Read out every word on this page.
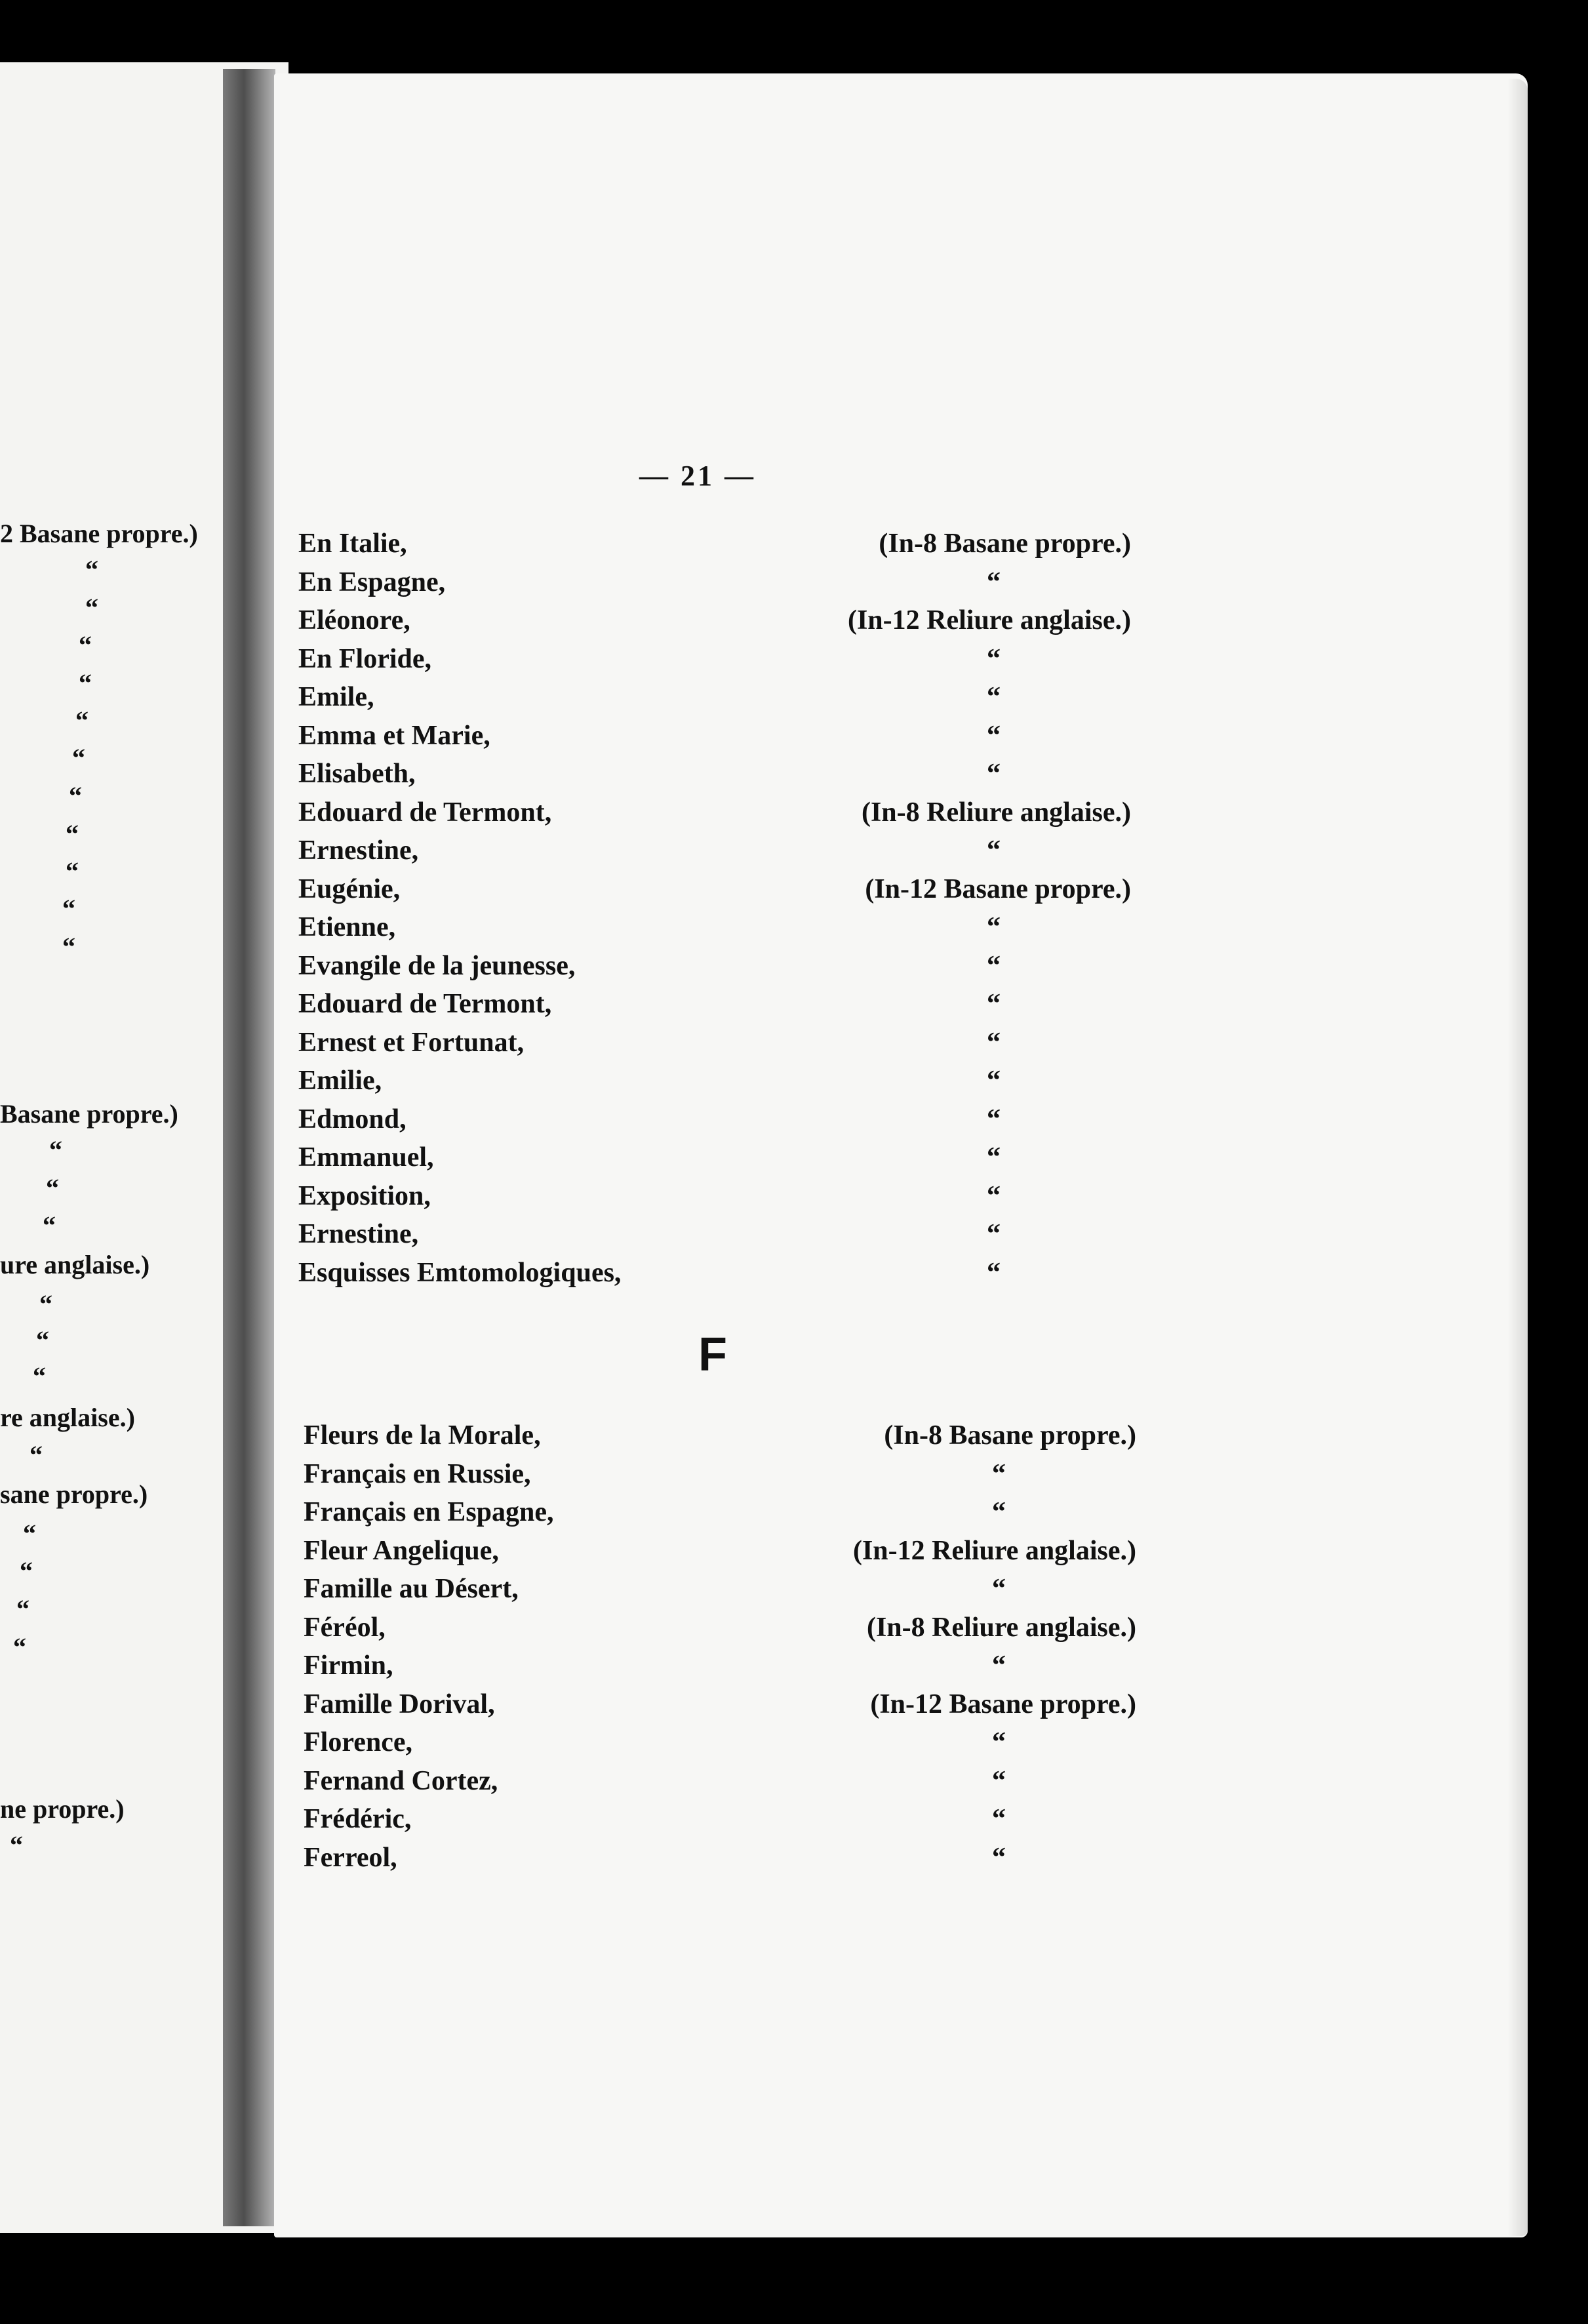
2 Basane propre.)
“
“
“
“
“
“
“
“
“
“
“
Basane propre.)
“
“
“
ure anglaise.)
“
“
“
re anglaise.)
“
sane propre.)
“
“
“
“
ne propre.)
“
— 21 —
En Italie,	(In-8 Basane propre.)
En Espagne,	“
Eléonore,	(In-12 Reliure anglaise.)
En Floride,	“
Emile,	“
Emma et Marie,	“
Elisabeth,	“
Edouard de Termont,	(In-8 Reliure anglaise.)
Ernestine,	“
Eugénie,	(In-12 Basane propre.)
Etienne,	“
Evangile de la jeunesse,	“
Edouard de Termont,	“
Ernest et Fortunat,	“
Emilie,	“
Edmond,	“
Emmanuel,	“
Exposition,	“
Ernestine,	“
Esquisses Emtomologiques,	“
F
Fleurs de la Morale,	(In-8 Basane propre.)
Français en Russie,	“
Français en Espagne,	“
Fleur Angelique,	(In-12 Reliure anglaise.)
Famille au Désert,	“
Féréol,	(In-8 Reliure anglaise.)
Firmin,	“
Famille Dorival,	(In-12 Basane propre.)
Florence,	“
Fernand Cortez,	“
Frédéric,	“
Ferreol,	“
